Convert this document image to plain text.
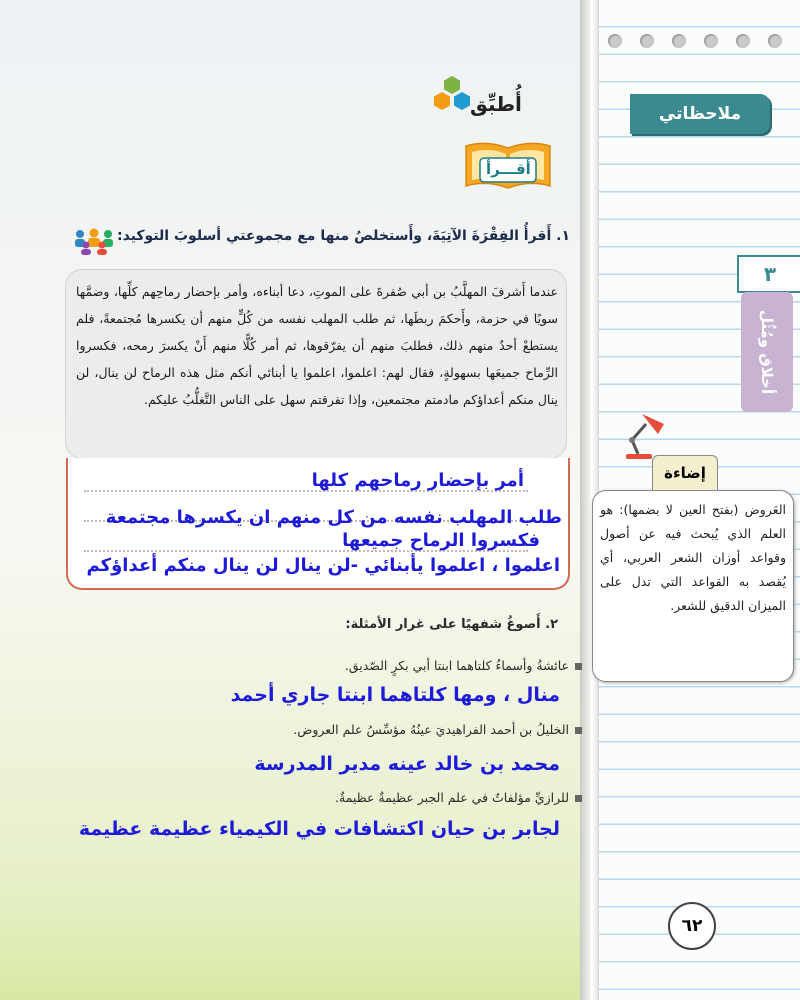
أُطبِّق
أقـــرأ
١. أَقرأُ الفِقْرَةَ الآتِيَةَ، وأَستخلصُ منها مع مجموعتي أسلوبَ التوكيد:
عندما أَشرفَ المهلَّبُ بن أبي صُفرةَ على الموتِ، دعا أبناءه، وأمر بإحضار رماحِهم كلِّها، وضمَّها سويًا في حزمة، وأَحكمَ ربطَها، ثم طلب المهلب نفسه من كُلٍّ منهم أن يكسرها مُجتمعةً، فلم يستطعْ أحدٌ منهم ذلك، فطلبَ منهم أن يفرّقوها، ثم أمر كُلًّا منهم أَنْ يكسرَ رمحه، فكسروا الرِّماح جميعَها بسهولةٍ، فقال لهم: اعلموا، اعلموا يا أبنائي أنكم مثل هذه الرماح لن ينال، لن ينال منكم أعداؤكم مادمتم مجتمعين، وإذا تفرقتم سهل على الناس التَّغلُّبُ عليكم.
أمر بإحضار رماحهم كلها
طلب المهلب نفسه من كل منهم ان يكسرها مجتمعة
فكسروا الرماح جميعها
اعلموا ، اعلموا يأبنائي -لن ينال لن ينال منكم أعداؤكم
٢. أَصوغُ شفهيًا على غرار الأمثلة:
عائشةُ وأسماءُ كلتاهما ابنتا أبي بكرٍ الصّديق.
منال ، ومها كلتاهما ابنتا جاري أحمد
الخليلُ بن أحمد الفراهيديَ عينُهُ مؤسِّسُ علم العروض.
محمد بن خالد عينه مدير المدرسة
للرازيِّ مؤلفاتٌ في علم الجبر عظيمةٌ عظيمةٌ.
لجابر بن حيان اكتشافات في الكيمياء عظيمة عظيمة
ملاحظاتي
٣
أخلاق ومُثُل
إضاءة
العَروض (بفتح العين لا بضمها): هو العلم الذي يُبحث فيه عن أصول وقواعد أوزان الشعر العربي، أي يُقصد به القواعد التي تدل على الميزان الدقيق للشعر.
٦٢
